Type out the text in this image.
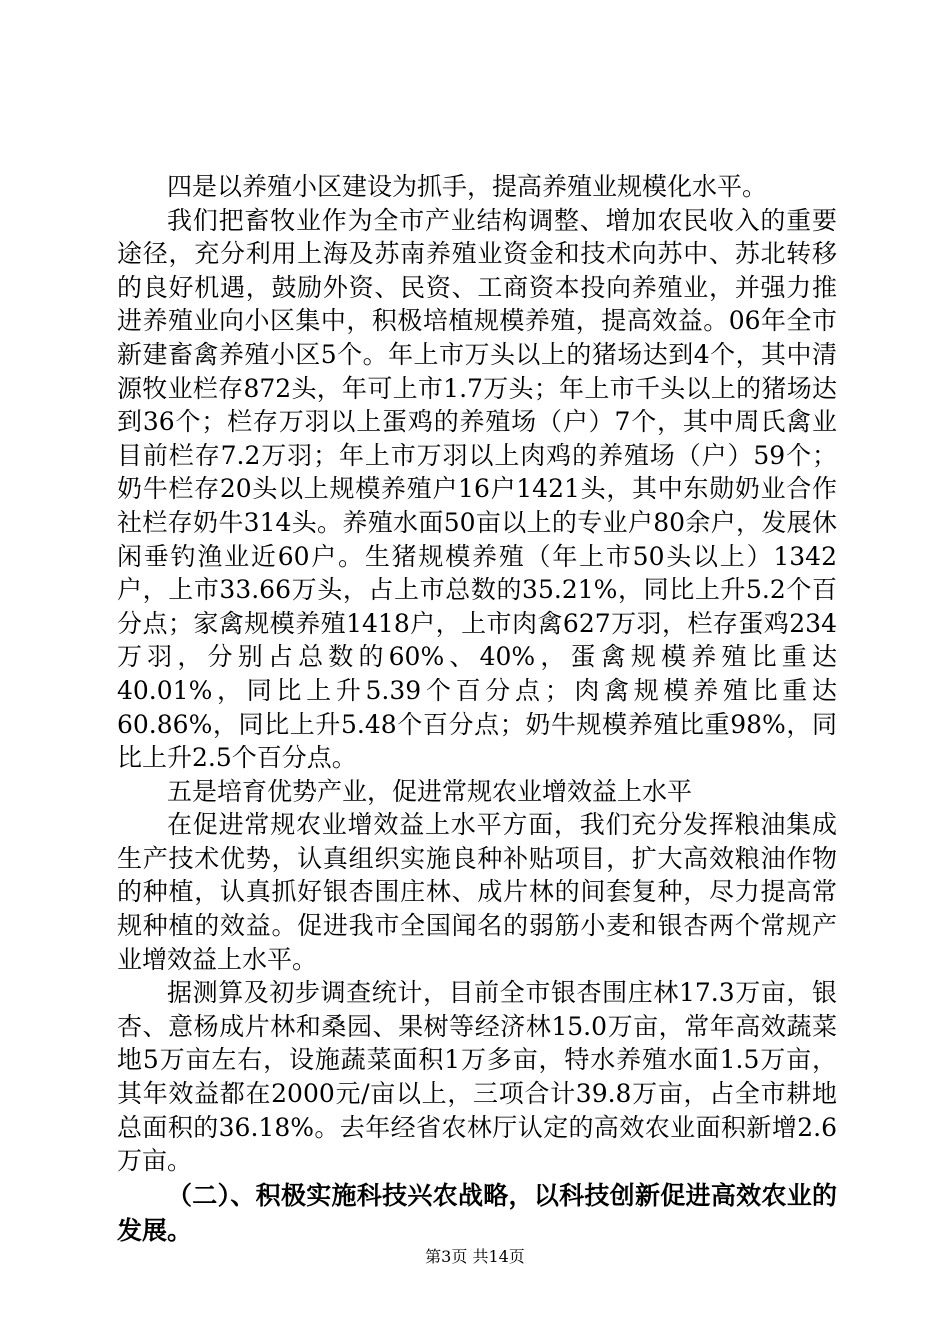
四是以养殖小区建设为抓手，提高养殖业规模化水平。

我们把畜牧业作为全市产业结构调整、增加农民收入的重要途径，充分利用上海及苏南养殖业资金和技术向苏中、苏北转移的良好机遇，鼓励外资、民资、工商资本投向养殖业，并强力推进养殖业向小区集中，积极培植规模养殖，提高效益。06年全市新建畜禽养殖小区5个。年上市万头以上的猪场达到4个，其中清源牧业栏存872头，年可上市1.7万头；年上市千头以上的猪场达到36个；栏存万羽以上蛋鸡的养殖场（户）7个，其中周氏禽业目前栏存7.2万羽；年上市万羽以上肉鸡的养殖场（户）59个；奶牛栏存20头以上规模养殖户16户1421头，其中东勋奶业合作社栏存奶牛314头。养殖水面50亩以上的专业户80余户，发展休闲垂钓渔业近60户。生猪规模养殖（年上市50头以上）1342户，上市33.66万头，占上市总数的35.21%，同比上升5.2个百分点；家禽规模养殖1418户，上市肉禽627万羽，栏存蛋鸡234万羽，分别占总数的60%、40%，蛋禽规模养殖比重达40.01%，同比上升5.39个百分点；肉禽规模养殖比重达60.86%，同比上升5.48个百分点；奶牛规模养殖比重98%，同比上升2.5个百分点。

五是培育优势产业，促进常规农业增效益上水平

在促进常规农业增效益上水平方面，我们充分发挥粮油集成生产技术优势，认真组织实施良种补贴项目，扩大高效粮油作物的种植，认真抓好银杏围庄林、成片林的间套复种，尽力提高常规种植的效益。促进我市全国闻名的弱筋小麦和银杏两个常规产业增效益上水平。

据测算及初步调查统计，目前全市银杏围庄林17.3万亩，银杏、意杨成片林和桑园、果树等经济林15.0万亩，常年高效蔬菜地5万亩左右，设施蔬菜面积1万多亩，特水养殖水面1.5万亩，其年效益都在2000元/亩以上，三项合计39.8万亩，占全市耕地总面积的36.18%。去年经省农林厅认定的高效农业面积新增2.6万亩。

（二）、积极实施科技兴农战略，以科技创新促进高效农业的发展。

第3页 共14页
